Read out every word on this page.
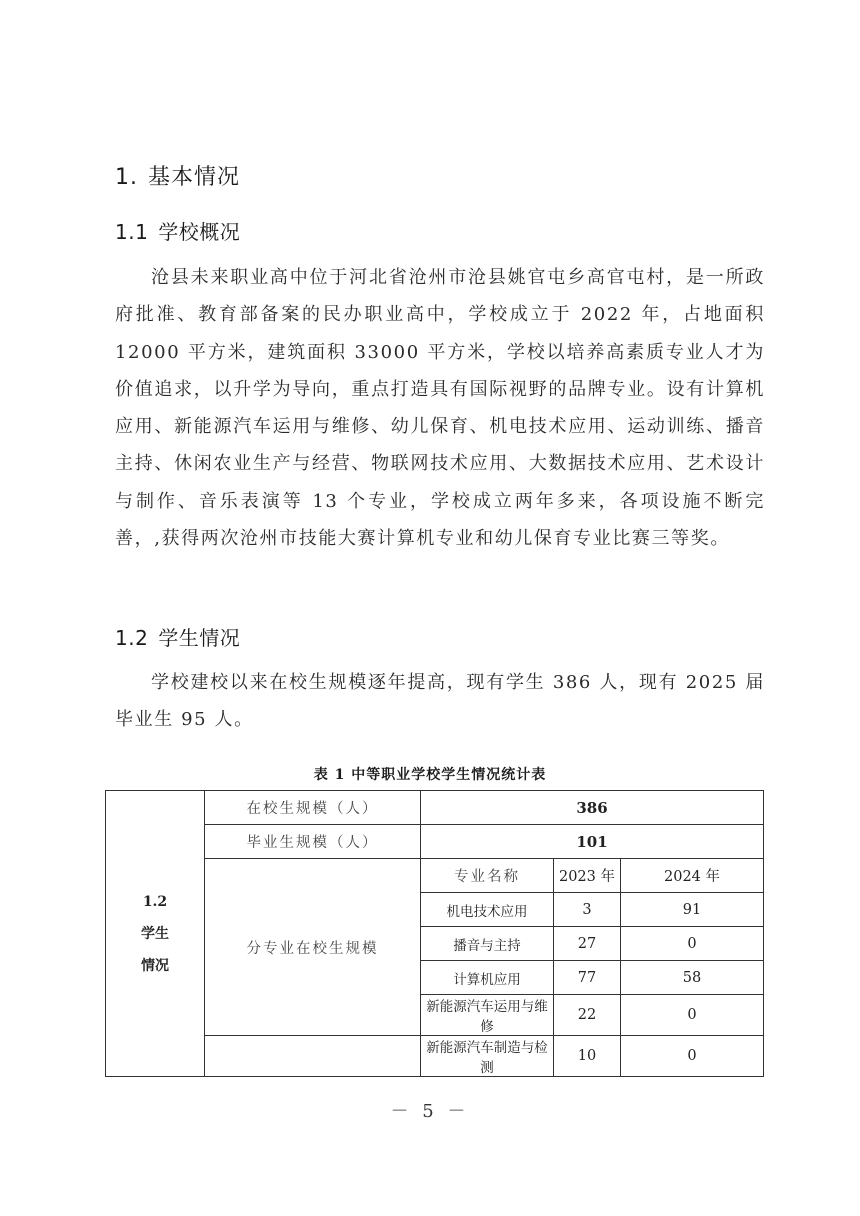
1. 基本情况
1.1 学校概况
沧县未来职业高中位于河北省沧州市沧县姚官屯乡高官屯村，是一所政府批准、教育部备案的民办职业高中，学校成立于 2022 年，占地面积 12000 平方米，建筑面积 33000 平方米，学校以培养高素质专业人才为价值追求，以升学为导向，重点打造具有国际视野的品牌专业。设有计算机应用、新能源汽车运用与维修、幼儿保育、机电技术应用、运动训练、播音主持、休闲农业生产与经营、物联网技术应用、大数据技术应用、艺术设计与制作、音乐表演等 13 个专业，学校成立两年多来，各项设施不断完善，,获得两次沧州市技能大赛计算机专业和幼儿保育专业比赛三等奖。
1.2 学生情况
学校建校以来在校生规模逐年提高，现有学生 386 人，现有 2025 届毕业生 95 人。
表 1 中等职业学校学生情况统计表
1.2
学生
情况	在校生规模（人）	386		
	毕业生规模（人）	101		
	分专业在校生规模	专业名称	2023 年	2024 年
		机电技术应用	3	91
		播音与主持	27	0
		计算机应用	77	58
		新能源汽车运用与维修	22	0
		新能源汽车制造与检测	10	0
－ 5 －
